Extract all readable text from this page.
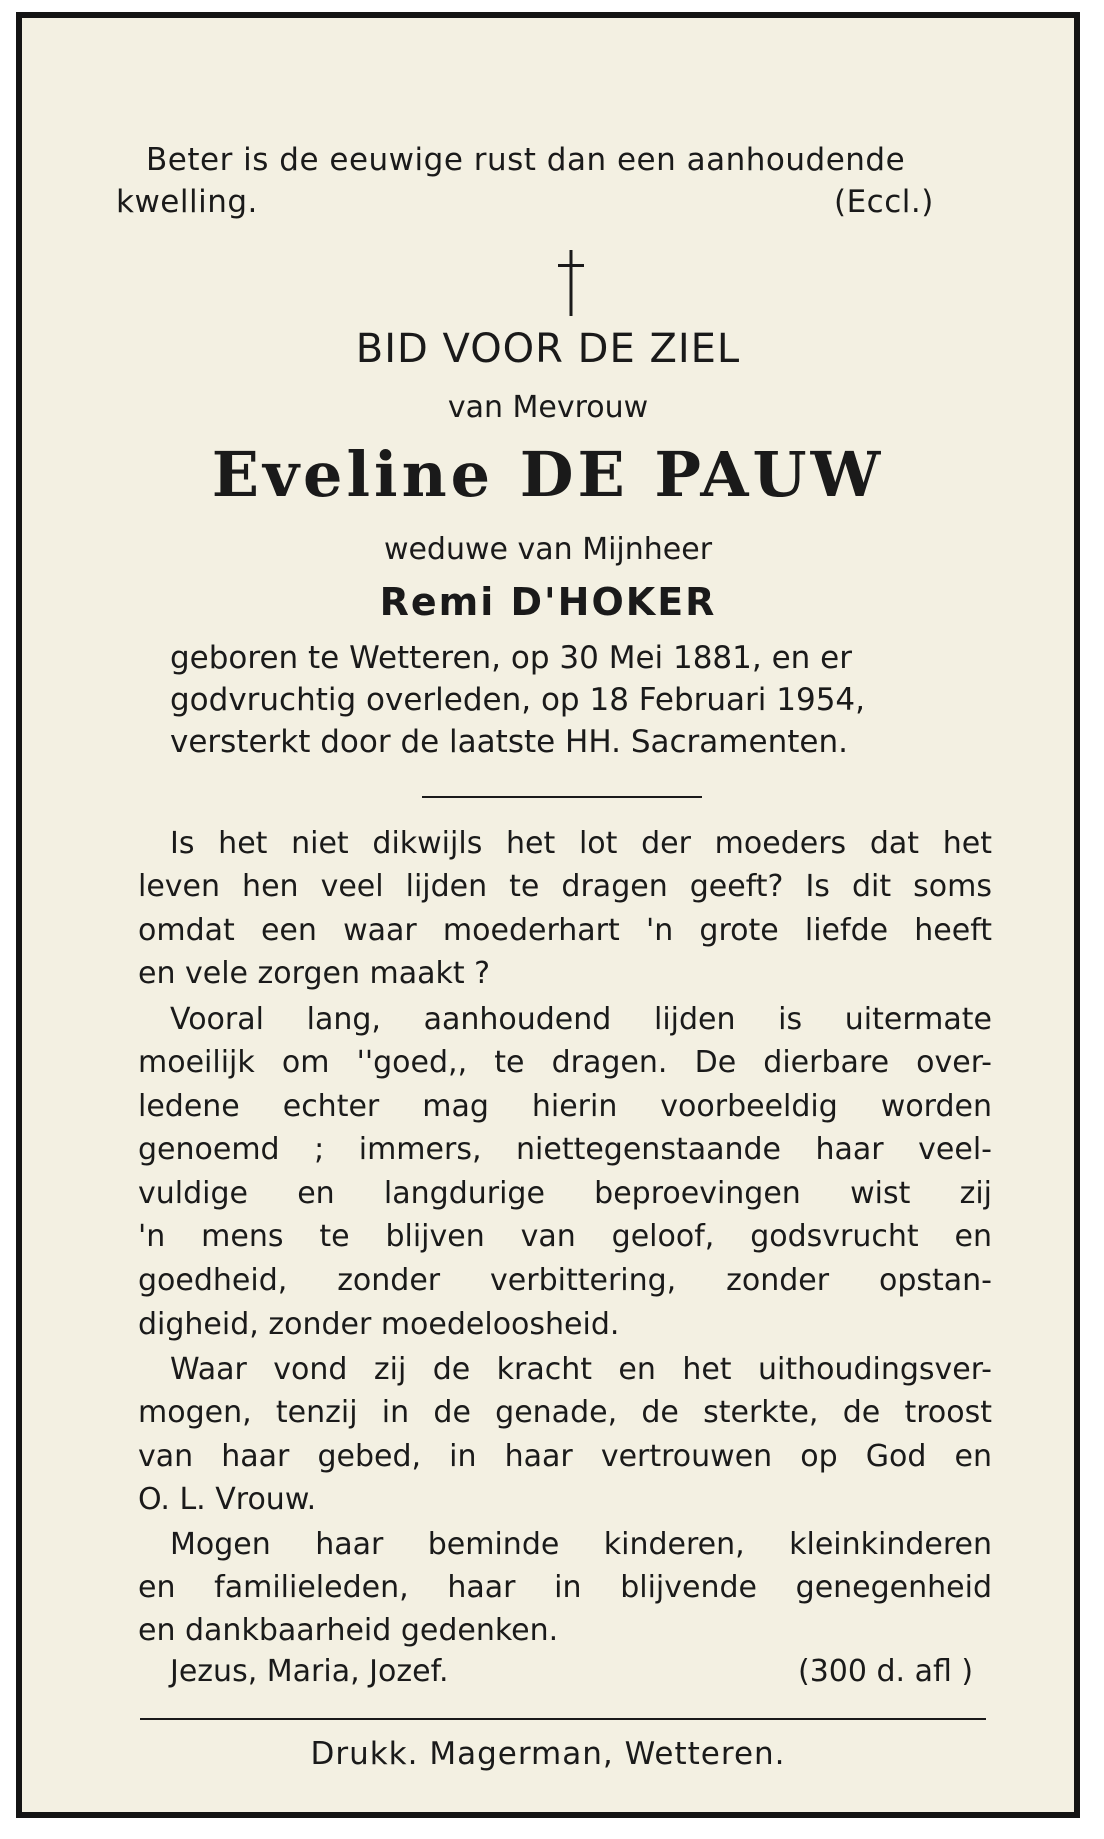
Beter is de eeuwige rust dan een aanhoudende
kwelling.	(Eccl.)
BID VOOR DE ZIEL
van Mevrouw
Eveline DE PAUW
weduwe van Mijnheer
Remi D'HOKER
geboren te Wetteren, op 30 Mei 1881, en er
godvruchtig overleden, op 18 Februari 1954,
versterkt door de laatste HH. Sacramenten.
Is het niet dikwijls het lot der moeders dat het
leven hen veel lijden te dragen geeft? Is dit soms
omdat een waar moederhart 'n grote liefde heeft
en vele zorgen maakt ?
Vooral lang, aanhoudend lijden is uitermate
moeilijk om ''goed,, te dragen. De dierbare over-
ledene echter mag hierin voorbeeldig worden
genoemd ; immers, niettegenstaande haar veel-
vuldige en langdurige beproevingen wist zij
'n mens te blijven van geloof, godsvrucht en
goedheid, zonder verbittering, zonder opstan-
digheid, zonder moedeloosheid.
Waar vond zij de kracht en het uithoudingsver-
mogen, tenzij in de genade, de sterkte, de troost
van haar gebed, in haar vertrouwen op God en
O. L. Vrouw.
Mogen haar beminde kinderen, kleinkinderen
en familieleden, haar in blijvende genegenheid
en dankbaarheid gedenken.
Jezus, Maria, Jozef.	(300 d. afl )
Drukk. Magerman, Wetteren.
